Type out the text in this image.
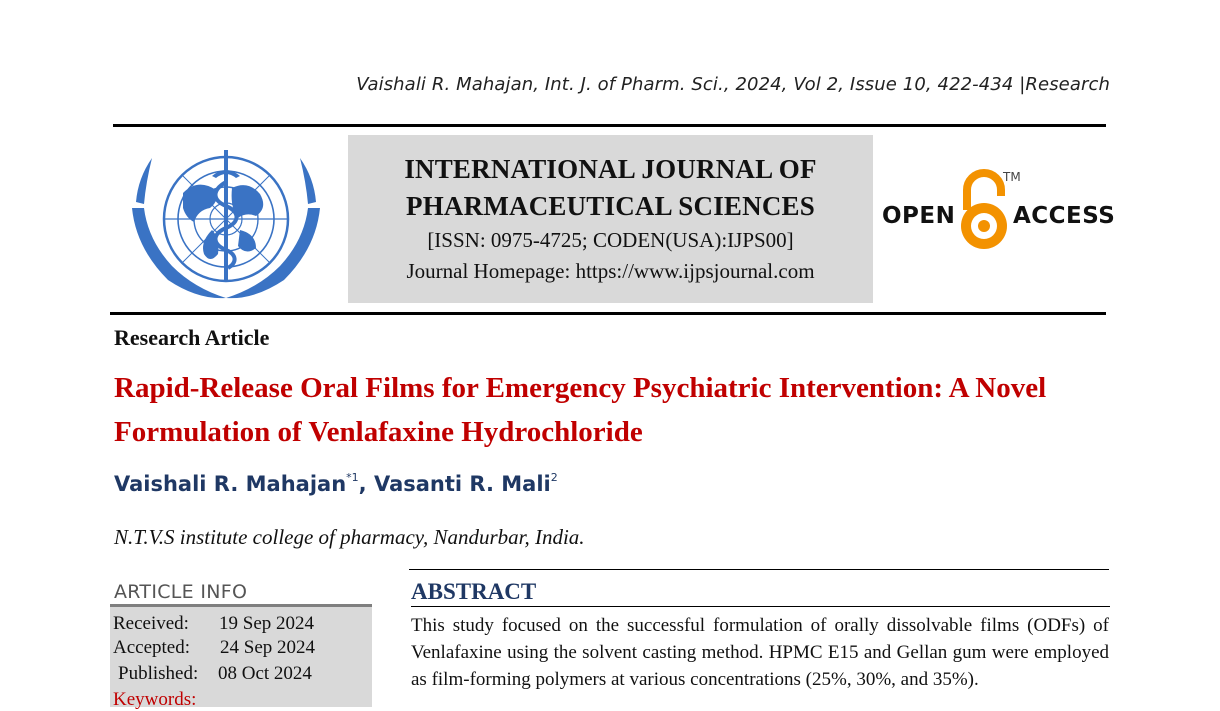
Vaishali R. Mahajan, Int. J. of Pharm. Sci., 2024, Vol 2, Issue 10, 422-434 |Research
INTERNATIONAL JOURNAL OF
PHARMACEUTICAL SCIENCES
[ISSN: 0975-4725; CODEN(USA):IJPS00]
Journal Homepage: https://www.ijpsjournal.com
OPEN
TM
ACCESS
Research Article
Rapid-Release Oral Films for Emergency Psychiatric Intervention: A Novel Formulation of Venlafaxine Hydrochloride
Vaishali R. Mahajan$^{*1}$, Vasanti R. Mali$^2$
N.T.V.S institute college of pharmacy, Nandurbar, India.
ARTICLE INFO
Received: 19 Sep 2024
Accepted: 24 Sep 2024
Published: 08 Oct 2024
Keywords:
ABSTRACT
This study focused on the successful formulation of orally dissolvable films (ODFs) of Venlafaxine using the solvent casting method. HPMC E15 and Gellan gum were employed as film-forming polymers at various concentrations (25%, 30%, and 35%).
